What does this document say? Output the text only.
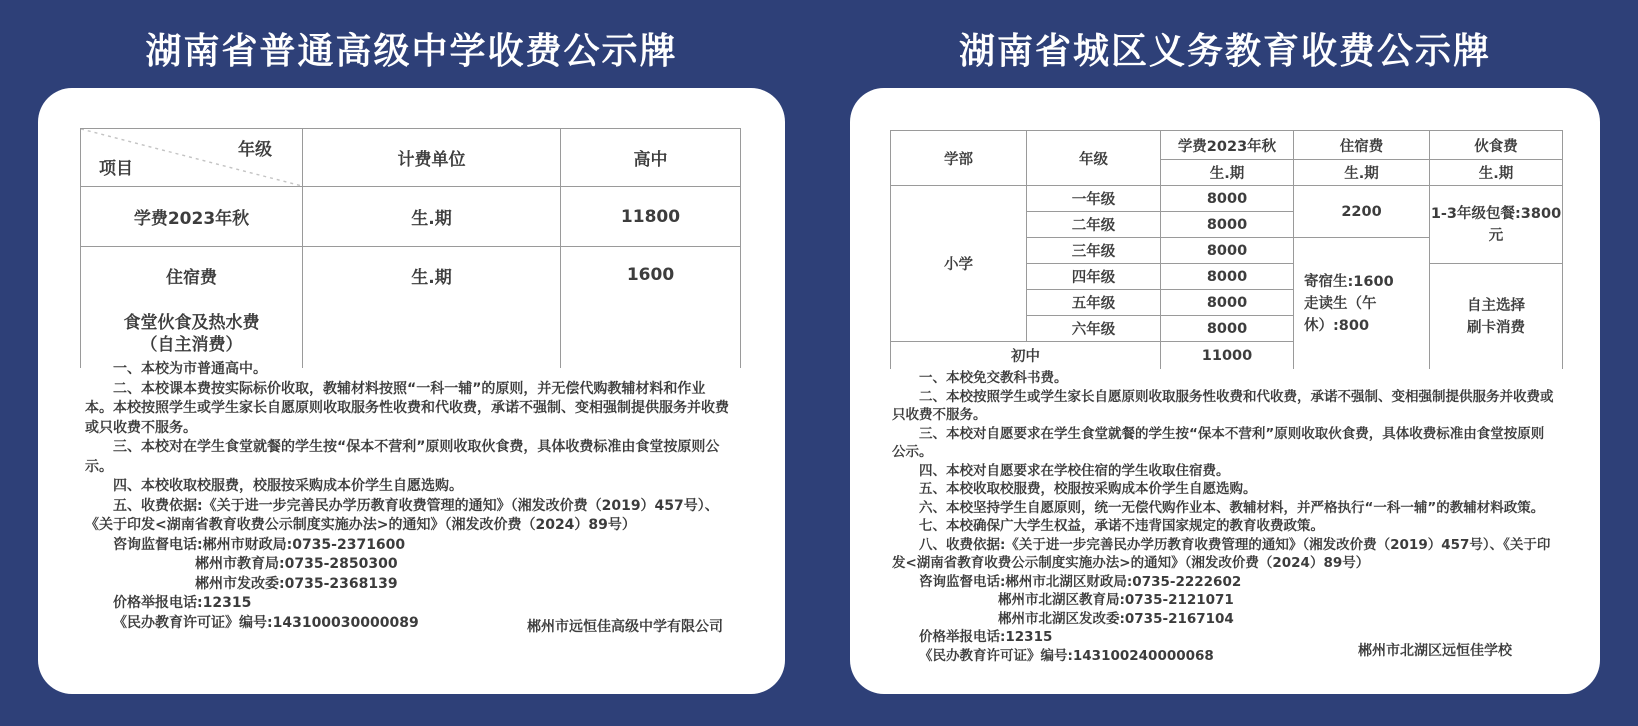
湖南省普通高级中学收费公示牌	湖南省城区义务教育收费公示牌
年级
项目	计费单位	高中
学费2023年秋	生.期	11800
住宿费	生.期	1600

食堂伙食及热水费
（自主消费）		

一、本校为市普通高中。

二、本校课本费按实际标价收取，教辅材料按照“一科一辅”的原则，并无偿代购教辅材料和作业本。本校按照学生或学生家长自愿原则收取服务性收费和代收费，承诺不强制、变相强制提供服务并收费或只收费不服务。

三、本校对在学生食堂就餐的学生按“保本不营利”原则收取伙食费，具体收费标准由食堂按原则公示。

四、本校收取校服费，校服按采购成本价学生自愿选购。

五、收费依据:《关于进一步完善民办学历教育收费管理的通知》（湘发改价费（2019）457号）、《关于印发<湖南省教育收费公示制度实施办法>的通知》（湘发改价费（2024）89号）

咨询监督电话:郴州市财政局:0735-2371600

郴州市教育局:0735-2850300

郴州市发改委:0735-2368139

价格举报电话:12315

《民办教育许可证》编号:143100030000089	郴州市远恒佳高级中学有限公司
学部	年级	学费2023年秋	住宿费	伙食费
		生.期	生.期	生.期
小学	一年级	8000	2200	1-3年级包餐:3800元
	二年级	8000		
	三年级	8000	寄宿生:1600
走读生（午休）:800	

	四年级	8000		自主选择
刷卡消费

	五年级	8000		
	六年级	8000		
初中		11000		

一、本校免交教科书费。

二、本校按照学生或学生家长自愿原则收取服务性收费和代收费，承诺不强制、变相强制提供服务并收费或只收费不服务。

三、本校对自愿要求在学生食堂就餐的学生按“保本不营利”原则收取伙食费，具体收费标准由食堂按原则公示。

四、本校对自愿要求在学校住宿的学生收取住宿费。

五、本校收取校服费，校服按采购成本价学生自愿选购。

六、本校坚持学生自愿原则，统一无偿代购作业本、教辅材料，并严格执行“一科一辅”的教辅材料政策。

七、本校确保广大学生权益，承诺不违背国家规定的教育收费政策。

八、收费依据:《关于进一步完善民办学历教育收费管理的通知》（湘发改价费（2019）457号）、《关于印发<湖南省教育收费公示制度实施办法>的通知》（湘发改价费（2024）89号）

咨询监督电话:郴州市北湖区财政局:0735-2222602

郴州市北湖区教育局:0735-2121071

郴州市北湖区发改委:0735-2167104

价格举报电话:12315

《民办教育许可证》编号:143100240000068	郴州市北湖区远恒佳学校
